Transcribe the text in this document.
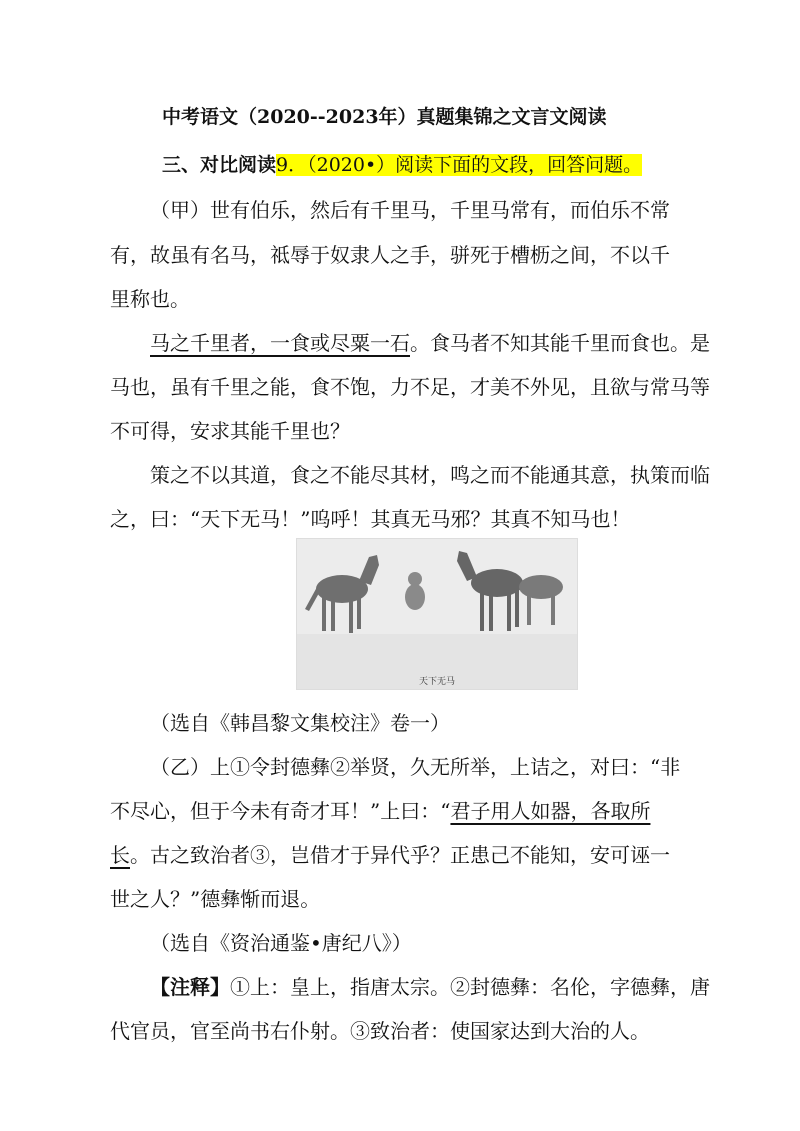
中考语文（2020--2023年）真题集锦之文言文阅读
三、对比阅读9．（2020•）阅读下面的文段，回答问题。
（甲）世有伯乐，然后有千里马，千里马常有，而伯乐不常
有，故虽有名马，祗辱于奴隶人之手，骈死于槽枥之间，不以千
里称也。
马之千里者，一食或尽粟一石。食马者不知其能千里而食也。是
马也，虽有千里之能，食不饱，力不足，才美不外见，且欲与常马等
不可得，安求其能千里也？
策之不以其道，食之不能尽其材，鸣之而不能通其意，执策而临
之，曰：“天下无马！”呜呼！其真无马邪？其真不知马也！
天下无马
（选自《韩昌黎文集校注》卷一）
（乙）上①令封德彝②举贤，久无所举，上诘之，对曰：“非
不尽心，但于今未有奇才耳！”上曰：“君子用人如器，各取所
长。古之致治者③，岂借才于异代乎？正患己不能知，安可诬一
世之人？”德彝惭而退。
（选自《资治通鉴•唐纪八》）
【注释】①上：皇上，指唐太宗。②封德彝：名伦，字德彝，唐
代官员，官至尚书右仆射。③致治者：使国家达到大治的人。
